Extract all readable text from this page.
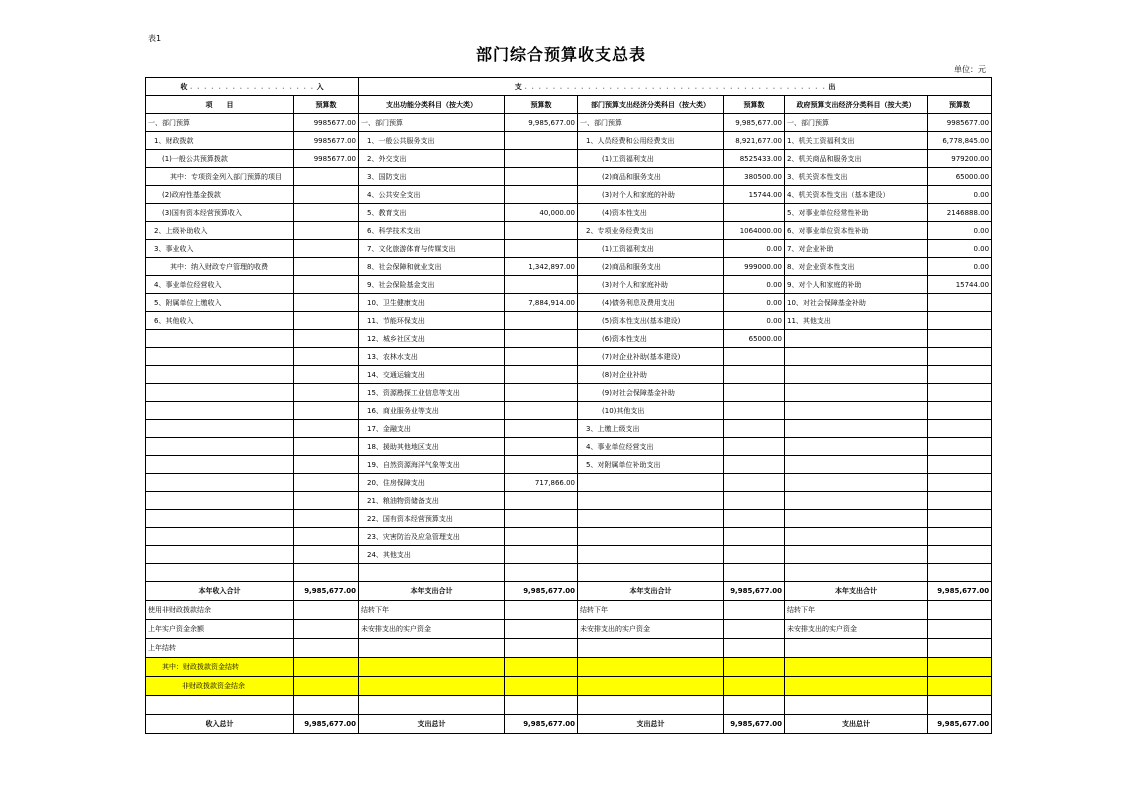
表1
部门综合预算收支总表
单位：元
收 . . . . . . . . . . . . . . . . . . 入		支 . . . . . . . . . . . . . . . . . . . . . . . . . . . . . . . . . . . . . . . . . . . 出					
项　　目	预算数	支出功能分类科目（按大类）	预算数	部门预算支出经济分类科目（按大类）	预算数	政府预算支出经济分类科目（按大类）	预算数
一、部门预算	9985677.00	一、部门预算	9,985,677.00	一、部门预算	9,985,677.00	一、部门预算	9985677.00
1、财政拨款	9985677.00	1、一般公共服务支出		1、人员经费和公用经费支出	8,921,677.00	1、机关工资福利支出	6,778,845.00
(1)一般公共预算拨款	9985677.00	2、外交支出		(1)工资福利支出	8525433.00	2、机关商品和服务支出	979200.00
其中：专项资金列入部门预算的项目		3、国防支出		(2)商品和服务支出	380500.00	3、机关资本性支出	65000.00
(2)政府性基金拨款		4、公共安全支出		(3)对个人和家庭的补助	15744.00	4、机关资本性支出（基本建设）	0.00
(3)国有资本经营预算收入		5、教育支出	40,000.00	(4)资本性支出		5、对事业单位经常性补助	2146888.00
2、上级补助收入		6、科学技术支出		2、专项业务经费支出	1064000.00	6、对事业单位资本性补助	0.00
3、事业收入		7、文化旅游体育与传媒支出		(1)工资福利支出	0.00	7、对企业补助	0.00
其中：纳入财政专户管理的收费		8、社会保障和就业支出	1,342,897.00	(2)商品和服务支出	999000.00	8、对企业资本性支出	0.00
4、事业单位经营收入		9、社会保险基金支出		(3)对个人和家庭补助	0.00	9、对个人和家庭的补助	15744.00
5、附属单位上缴收入		10、卫生健康支出	7,884,914.00	(4)债务利息及费用支出	0.00	10、对社会保障基金补助	
6、其他收入		11、节能环保支出		(5)资本性支出(基本建设)	0.00	11、其他支出	
		12、城乡社区支出		(6)资本性支出	65000.00		
		13、农林水支出		(7)对企业补助(基本建设)			
		14、交通运输支出		(8)对企业补助			
		15、资源勘探工业信息等支出		(9)对社会保障基金补助			
		16、商业服务业等支出		(10)其他支出			
		17、金融支出		3、上缴上级支出			
		18、援助其他地区支出		4、事业单位经营支出			
		19、自然资源海洋气象等支出		5、对附属单位补助支出			
		20、住房保障支出	717,866.00				
		21、粮油物资储备支出					
		22、国有资本经营预算支出					
		23、灾害防治及应急管理支出					
		24、其他支出					

本年收入合计	9,985,677.00	本年支出合计	9,985,677.00	本年支出合计	9,985,677.00	本年支出合计	9,985,677.00
使用非财政拨款结余		结转下年		结转下年		结转下年	
上年实户资金余额		未安排支出的实户资金		未安排支出的实户资金		未安排支出的实户资金	
上年结转							
其中：财政拨款资金结转							
非财政拨款资金结余							

收入总计	9,985,677.00	支出总计	9,985,677.00	支出总计	9,985,677.00	支出总计	9,985,677.00
